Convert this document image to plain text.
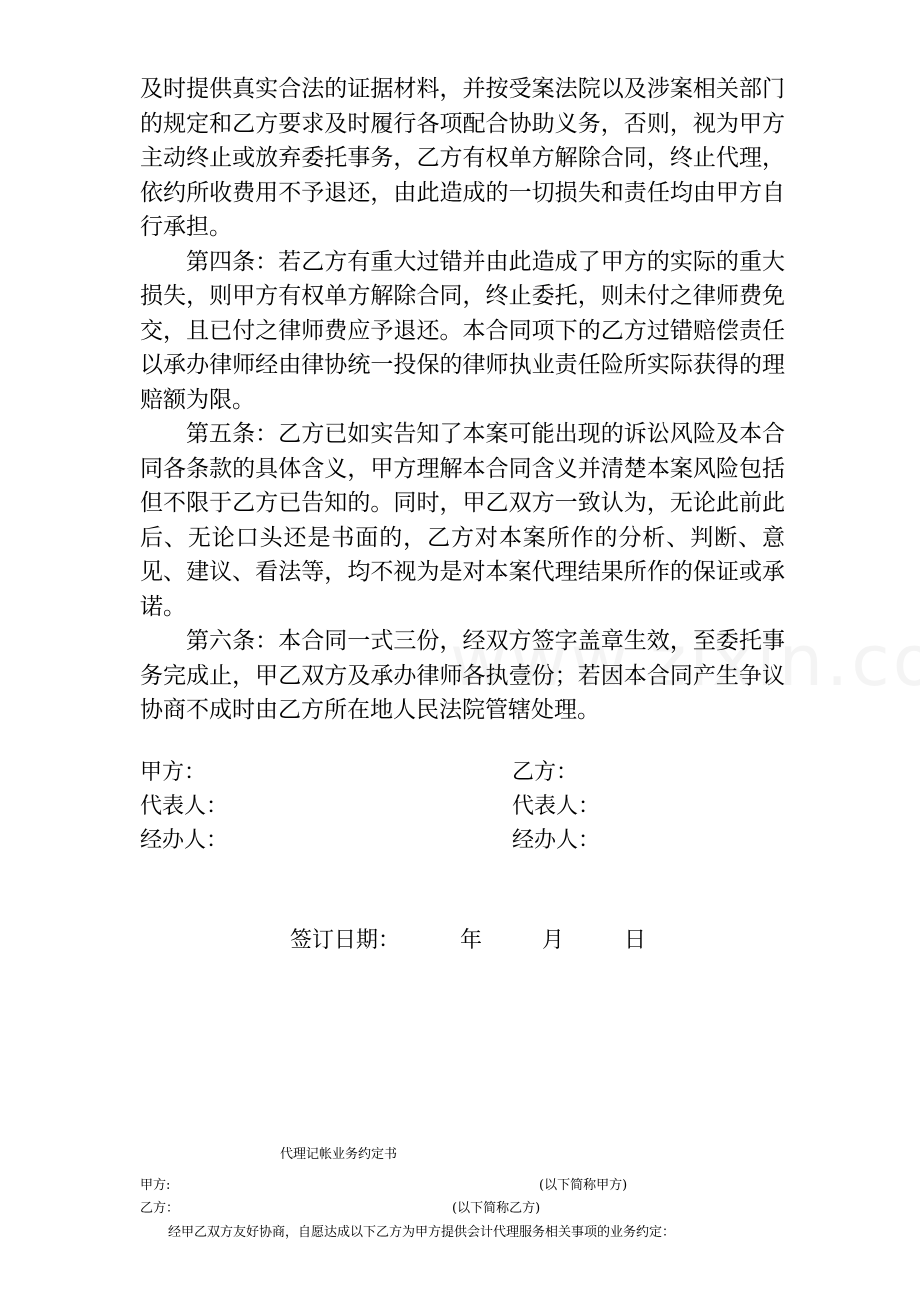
及时提供真实合法的证据材料，并按受案法院以及涉案相关部门的规定和乙方要求及时履行各项配合协助义务，否则，视为甲方主动终止或放弃委托事务，乙方有权单方解除合同，终止代理，依约所收费用不予退还，由此造成的一切损失和责任均由甲方自行承担。

第四条：若乙方有重大过错并由此造成了甲方的实际的重大损失，则甲方有权单方解除合同，终止委托，则未付之律师费免交，且已付之律师费应予退还。本合同项下的乙方过错赔偿责任以承办律师经由律协统一投保的律师执业责任险所实际获得的理赔额为限。

第五条：乙方已如实告知了本案可能出现的诉讼风险及本合同各条款的具体含义，甲方理解本合同含义并清楚本案风险包括但不限于乙方已告知的。同时，甲乙双方一致认为，无论此前此后、无论口头还是书面的，乙方对本案所作的分析、判断、意见、建议、看法等，均不视为是对本案代理结果所作的保证或承诺。

第六条：本合同一式三份，经双方签字盖章生效，至委托事务完成止，甲乙双方及承办律师各执壹份；若因本合同产生争议协商不成时由乙方所在地人民法院管辖处理。

甲方：
代表人：
经办人：
乙方：
代表人：
经办人：
签订日期：	年	月	日
代理记帐业务约定书
甲方:	(以下简称甲方)
乙方：	(以下简称乙方)
经甲乙双方友好协商，自愿达成以下乙方为甲方提供会计代理服务相关事项的业务约定：
